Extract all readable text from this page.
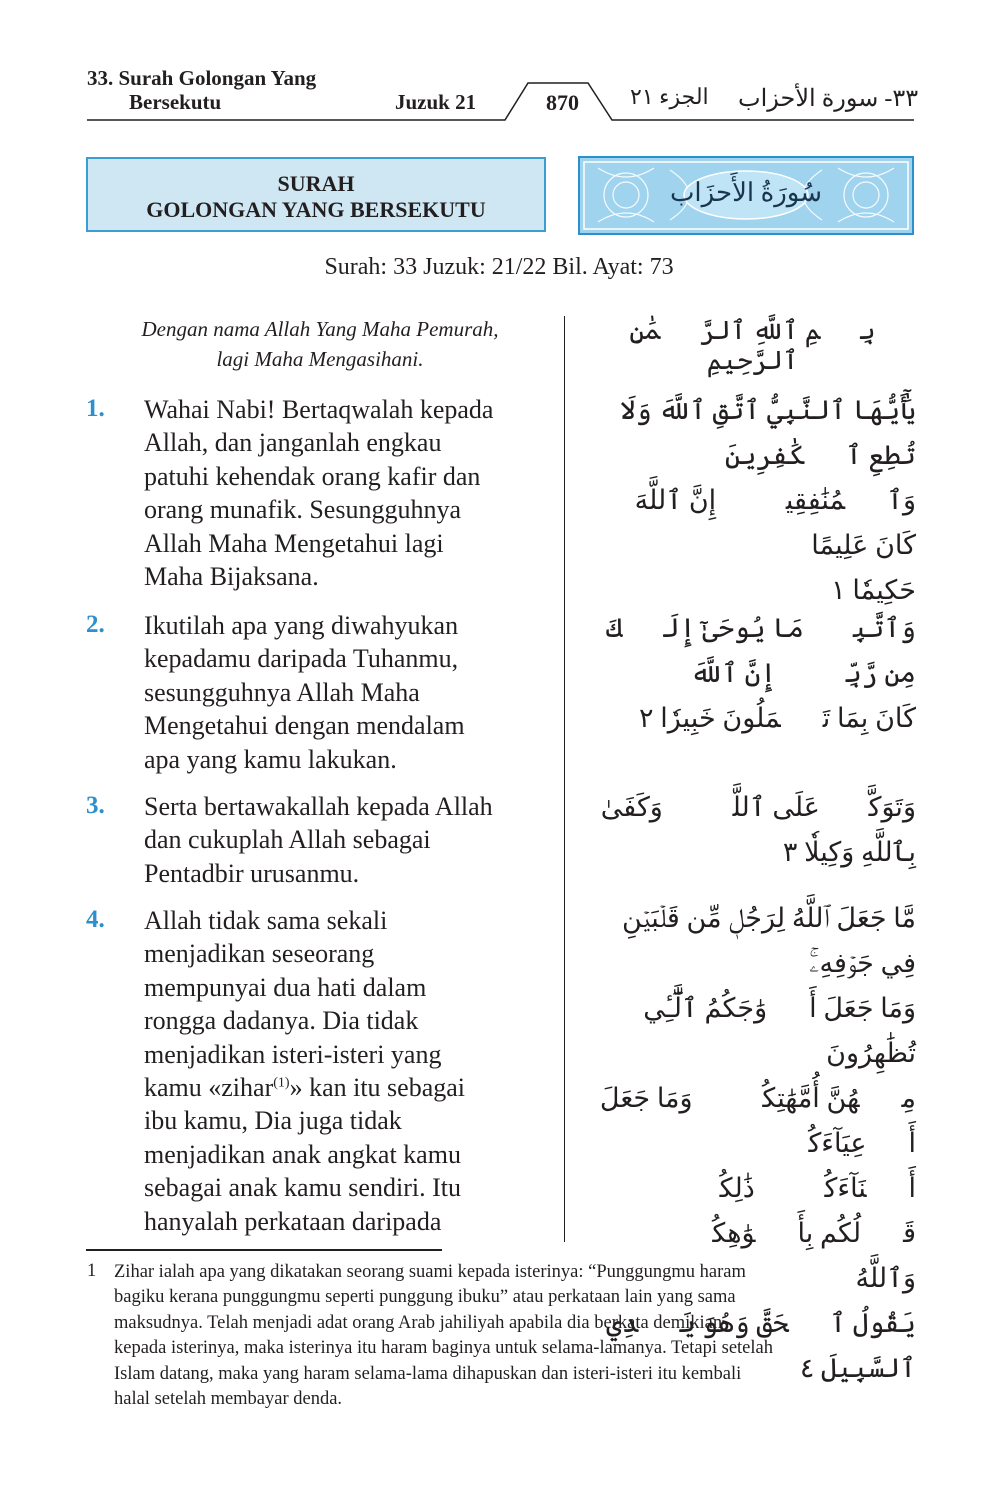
33. Surah Golongan Yang
Bersekutu	Juzuk 21	870	الجزء ٢١ ٣٣- سورة الأحزاب
SURAH
GOLONGAN YANG BERSEKUTU
سُورَةُ الأَحزَاب
Surah: 33 Juzuk: 21/22 Bil. Ayat: 73
Dengan nama Allah Yang Maha Pemurah,
lagi Maha Mengasihani.
بِسۡمِ ٱللَّهِ ٱلرَّحۡمَٰنِ ٱلرَّحِيمِ
1. Wahai Nabi! Bertaqwalah kepada
Allah, dan janganlah engkau
patuhi kehendak orang kafir dan
orang munafik. Sesungguhnya
Allah Maha Mengetahui lagi
Maha Bijaksana.
يَٰٓأَيُّهَا ٱلنَّبِيُّ ٱتَّقِ ٱللَّهَ وَلَا تُطِعِ ٱلۡكَٰفِرِينَ
وَٱلۡمُنَٰفِقِينَۚ إِنَّ ٱللَّهَ كَانَ عَلِيمًا
حَكِيمٗا ١
2. Ikutilah apa yang diwahyukan
kepadamu daripada Tuhanmu,
sesungguhnya Allah Maha
Mengetahui dengan mendalam
apa yang kamu lakukan.
وَٱتَّبِعۡ مَا يُوحَىٰٓ إِلَيۡكَ مِن رَّبِّكَۚ إِنَّ ٱللَّهَ
كَانَ بِمَا تَعۡمَلُونَ خَبِيرٗا ٢
3. Serta bertawakallah kepada Allah
dan cukuplah Allah sebagai
Pentadbir urusanmu.
وَتَوَكَّلۡ عَلَى ٱللَّهِۚ وَكَفَىٰ بِٱللَّهِ وَكِيلٗا ٣
4. Allah tidak sama sekali
menjadikan seseorang
mempunyai dua hati dalam
rongga dadanya. Dia tidak
menjadikan isteri-isteri yang
kamu «zihar$^{(1)}$» kan itu sebagai
ibu kamu, Dia juga tidak
menjadikan anak angkat kamu
sebagai anak kamu sendiri. Itu
hanyalah perkataan daripada
مَّا جَعَلَ ٱللَّهُ لِرَجُلٖ مِّن قَلۡبَيۡنِ فِي جَوۡفِهِۦۚ
وَمَا جَعَلَ أَزۡوَٰجَكُمُ ٱلَّٰٓـِٔي تُظَٰهِرُونَ
مِنۡهُنَّ أُمَّهَٰتِكُمۡۚ وَمَا جَعَلَ أَدۡعِيَآءَكُمۡ
أَبۡنَآءَكُمۡۚ ذَٰلِكُمۡ قَوۡلُكُم بِأَفۡوَٰهِكُمۡۖ وَٱللَّهُ
يَقُولُ ٱلۡحَقَّ وَهُوَ يَهۡدِي ٱلسَّبِيلَ ٤
1 Zihar ialah apa yang dikatakan seorang suami kepada isterinya: “Punggungmu haram
bagiku kerana punggungmu seperti punggung ibuku” atau perkataan lain yang sama
maksudnya. Telah menjadi adat orang Arab jahiliyah apabila dia berkata demikian
kepada isterinya, maka isterinya itu haram baginya untuk selama-lamanya. Tetapi setelah
Islam datang, maka yang haram selama-lama dihapuskan dan isteri-isteri itu kembali
halal setelah membayar denda.
